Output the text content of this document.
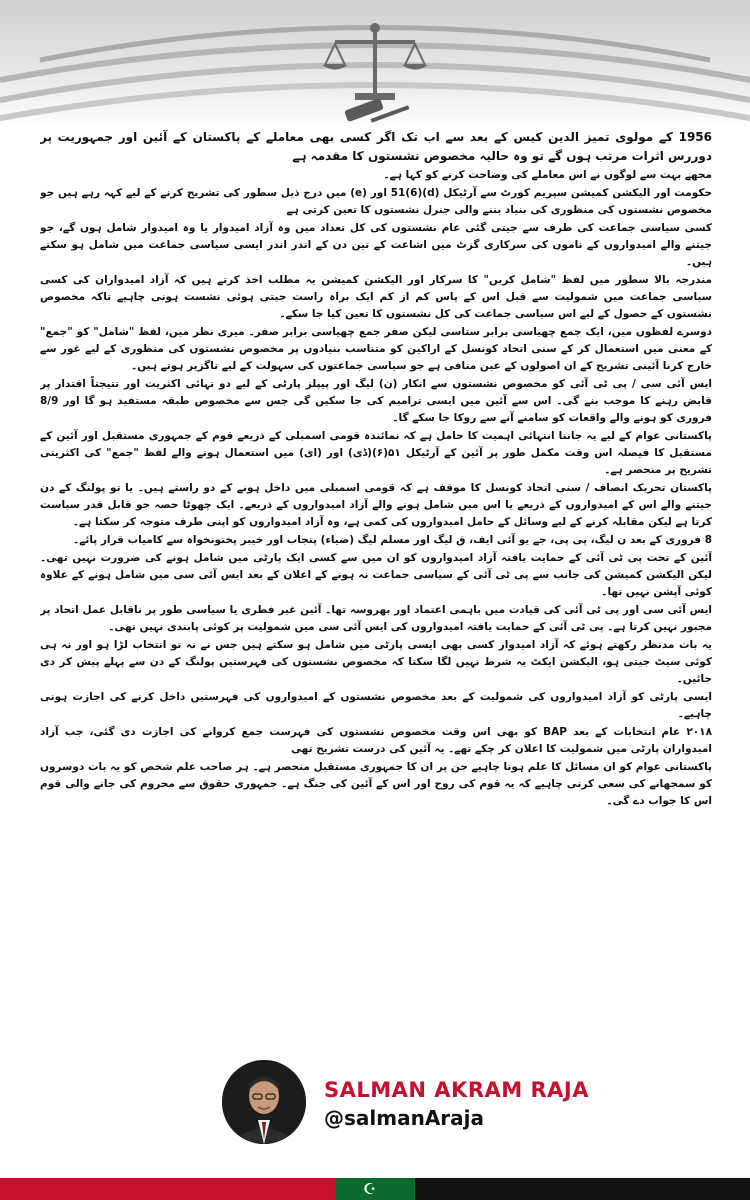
1956 کے مولوی تمیز الدین کیس کے بعد سے اب تک اگر کسی بھی معاملے کے پاکستان کے آئین اور جمہوریت پر دوررس اثرات مرتب ہوں گے تو وہ حالیہ مخصوص نشستوں کا مقدمہ ہے

مجھے بہت سے لوگوں نے اس معاملے کی وضاحت کرنے کو کہا ہے۔

حکومت اور الیکشن کمیشن سپریم کورٹ سے آرٹیکل (d)(6)51 اور (e) میں درج ذیل سطور کی تشریح کرنے کے لیے کہہ رہے ہیں جو مخصوص نشستوں کی منظوری کی بنیاد بننے والی جنرل نشستوں کا تعین کرتی ہے

کسی سیاسی جماعت کی طرف سے جیتی گئی عام نشستوں کی کل تعداد میں وہ آزاد امیدوار یا وہ امیدوار شامل ہوں گے، جو جیتنے والے امیدواروں کے ناموں کی سرکاری گزٹ میں اشاعت کے تین دن کے اندر اندر ایسی سیاسی جماعت میں شامل ہو سکتے ہیں۔

مندرجہ بالا سطور میں لفظ "شامل کریں" کا سرکار اور الیکشن کمیشن یہ مطلب اخذ کرتے ہیں کہ آزاد امیدواران کی کسی سیاسی جماعت میں شمولیت سے قبل اس کے پاس کم از کم ایک براہ راست جیتی ہوئی نشست ہونی چاہیے تاکہ مخصوص نشستوں کے حصول کے لیے اس سیاسی جماعت کی کل نشستوں کا تعین کیا جا سکے۔

دوسرے لفظوں میں، ایک جمع چھیاسی برابر ستاسی لیکن صفر جمع چھیاسی برابر صفر۔ میری نظر میں، لفظ "شامل" کو "جمع" کے معنی میں استعمال کر کے سنی اتحاد کونسل کے اراکین کو متناسب بنیادوں پر مخصوص نشستوں کی منظوری کے لیے غور سے خارج کرنا آئینی تشریح کے ان اصولوں کے عین منافی ہے جو سیاسی جماعتوں کی سہولت کے لیے ناگزیر ہوتے ہیں۔

ایس آئی سی / پی ٹی آئی کو مخصوص نشستوں سے انکار (ن) لیگ اور پیپلز پارٹی کے لیے دو تہائی اکثریت اور نتیجتاً اقتدار پر قابض رہنے کا موجب بنے گی۔ اس سے آئین میں ایسی ترامیم کی جا سکیں گی جس سے مخصوص طبقہ مستفید ہو گا اور 8/9 فروری کو ہونے والے واقعات کو سامنے آنے سے روکا جا سکے گا۔

پاکستانی عوام کے لیے یہ جاننا انتہائی اہمیت کا حامل ہے کہ نمائندہ قومی اسمبلی کے ذریعے قوم کے جمہوری مستقبل اور آئین کے مستقبل کا فیصلہ اس وقت مکمل طور پر آئین کے آرٹیکل ۵۱(۶)(ڈی) اور (ای) میں استعمال ہونے والے لفظ "جمع" کی اکثریتی تشریح پر منحصر ہے۔

پاکستان تحریک انصاف / سنی اتحاد کونسل کا موقف ہے کہ قومی اسمبلی میں داخل ہونے کے دو راستے ہیں۔ یا تو پولنگ کے دن جیتنے والے اس کے امیدواروں کے ذریعے یا اس میں شامل ہونے والے آزاد امیدواروں کے ذریعے۔ ایک چھوٹا حصہ جو قابل قدر سیاست کرتا ہے لیکن مقابلہ کرنے کے لیے وسائل کے حامل امیدواروں کی کمی ہے، وہ آزاد امیدواروں کو اپنی طرف متوجہ کر سکتا ہے۔

8 فروری کے بعد ن لیگ، پی پی، جے یو آئی ایف، ق لیگ اور مسلم لیگ (ضیاء) پنجاب اور خیبر پختونخواہ سے کامیاب قرار پائے۔

آئین کے تحت پی ٹی آئی کے حمایت یافتہ آزاد امیدواروں کو ان میں سے کسی ایک پارٹی میں شامل ہونے کی ضرورت نہیں تھی۔ لیکن الیکشن کمیشن کی جانب سے پی ٹی آئی کے سیاسی جماعت نہ ہونے کے اعلان کے بعد ایس آئی سی میں شامل ہونے کے علاوہ کوئی آپشن نہیں تھا۔

ایس آئی سی اور پی ٹی آئی کی قیادت میں باہمی اعتماد اور بھروسہ تھا۔ آئین غیر فطری یا سیاسی طور پر ناقابل عمل اتحاد پر مجبور نہیں کرتا ہے۔ پی ٹی آئی کے حمایت یافتہ امیدواروں کی ایس آئی سی میں شمولیت پر کوئی پابندی نہیں تھی۔

یہ بات مدنظر رکھتے ہوئے کہ آزاد امیدوار کسی بھی ایسی پارٹی میں شامل ہو سکتے ہیں جس نے نہ تو انتخاب لڑا ہو اور نہ ہی کوئی سیٹ جیتی ہو، الیکشن ایکٹ یہ شرط نہیں لگا سکتا کہ مخصوص نشستوں کی فہرستیں پولنگ کے دن سے پہلے پیش کر دی جائیں۔

ایسی پارٹی کو آزاد امیدواروں کی شمولیت کے بعد مخصوص نشستوں کے امیدواروں کی فہرستیں داخل کرنے کی اجازت ہونی چاہیے۔

۲۰۱۸ عام انتخابات کے بعد BAP کو بھی اس وقت مخصوص نشستوں کی فہرست جمع کروانے کی اجازت دی گئی، جب آزاد امیدواران پارٹی میں شمولیت کا اعلان کر چکے تھے۔ یہ آئین کی درست تشریح تھی

پاکستانی عوام کو ان مسائل کا علم ہونا چاہیے جن پر ان کا جمہوری مستقبل منحصر ہے۔ ہر صاحب علم شخص کو یہ بات دوسروں کو سمجھانے کی سعی کرنی چاہیے کہ یہ قوم کی روح اور اس کے آئین کی جنگ ہے۔ جمہوری حقوق سے محروم کی جانے والی قوم اس کا جواب دے گی۔

SALMAN AKRAM RAJA
@salmanAraja
☪
